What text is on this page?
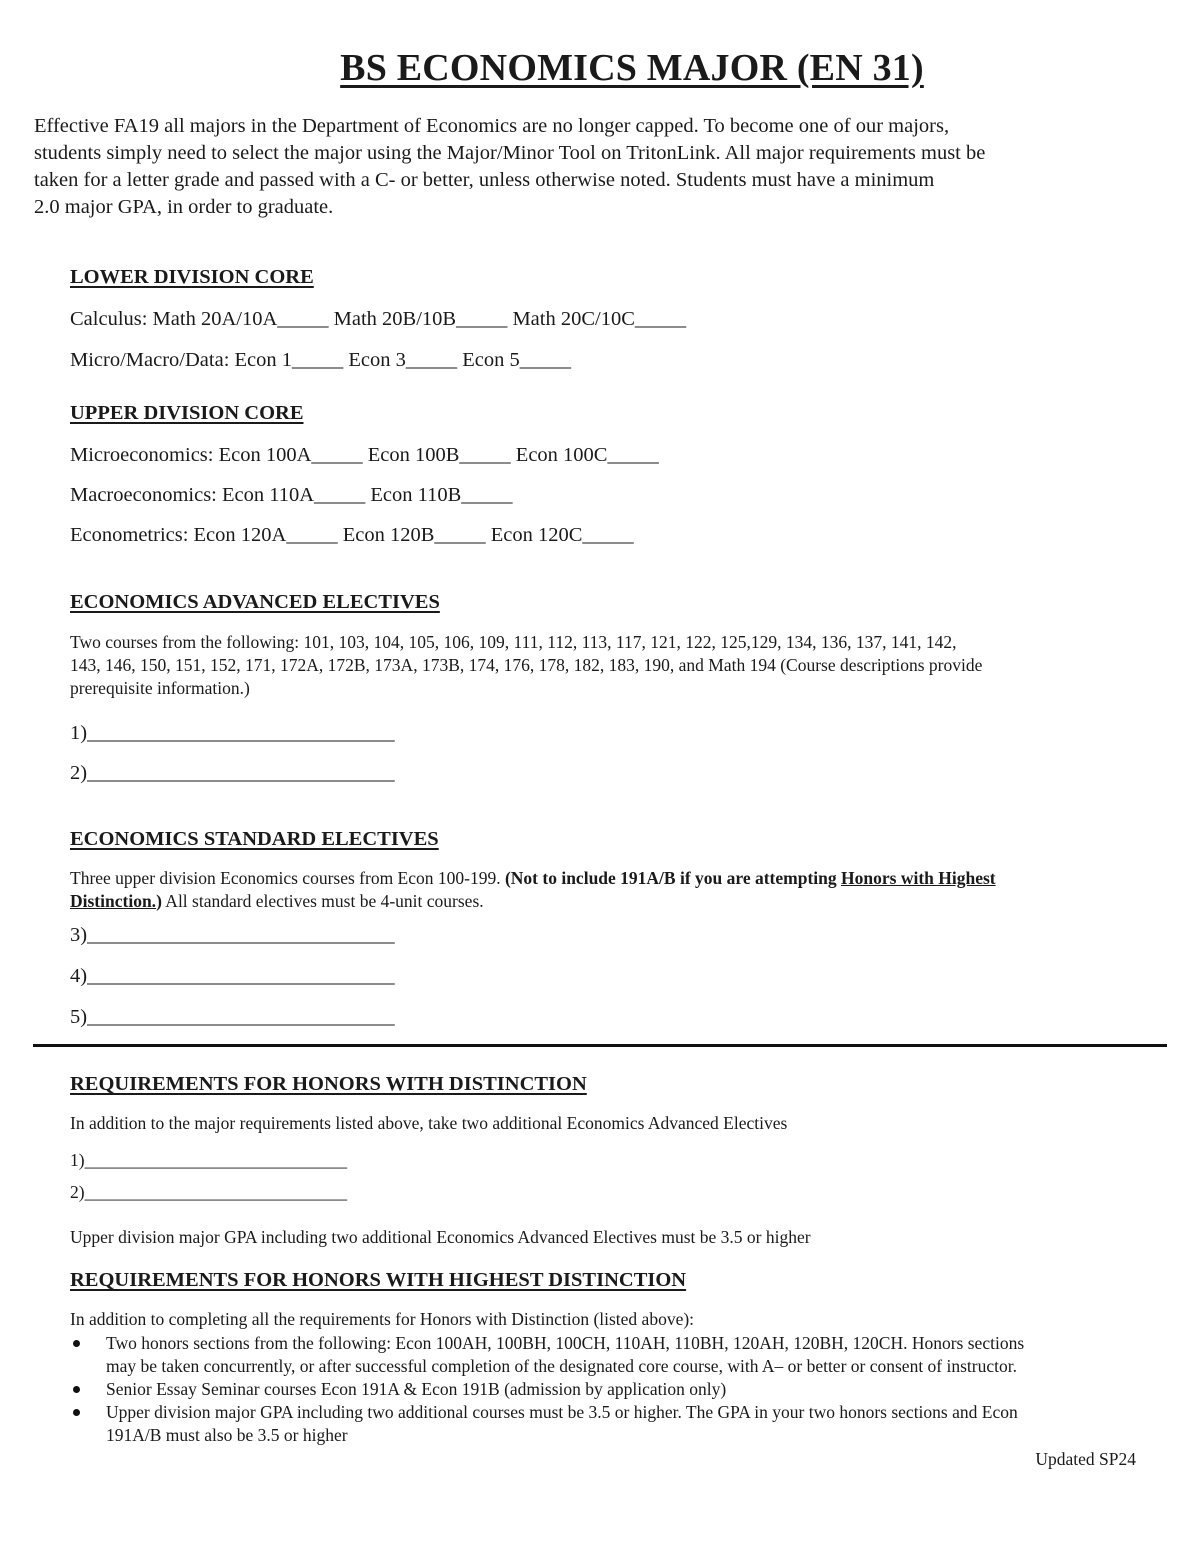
BS ECONOMICS MAJOR (EN 31)
Effective FA19 all majors in the Department of Economics are no longer capped. To become one of our majors,
students simply need to select the major using the Major/Minor Tool on TritonLink. All major requirements must be
taken for a letter grade and passed with a C- or better, unless otherwise noted. Students must have a minimum
2.0 major GPA, in order to graduate.
LOWER DIVISION CORE
Calculus: Math 20A/10A_____ Math 20B/10B_____ Math 20C/10C_____
Micro/Macro/Data: Econ 1_____ Econ 3_____ Econ 5_____
UPPER DIVISION CORE
Microeconomics: Econ 100A_____ Econ 100B_____ Econ 100C_____
Macroeconomics: Econ 110A_____ Econ 110B_____
Econometrics: Econ 120A_____ Econ 120B_____ Econ 120C_____
ECONOMICS ADVANCED ELECTIVES
Two courses from the following: 101, 103, 104, 105, 106, 109, 111, 112, 113, 117, 121, 122, 125,129, 134, 136, 137, 141, 142,
143, 146, 150, 151, 152, 171, 172A, 172B, 173A, 173B, 174, 176, 178, 182, 183, 190, and Math 194 (Course descriptions provide
prerequisite information.)
1)______________________________
2)______________________________
ECONOMICS STANDARD ELECTIVES
Three upper division Economics courses from Econ 100-199. (Not to include 191A/B if you are attempting Honors with Highest
Distinction.) All standard electives must be 4-unit courses.
3)______________________________
4)______________________________
5)______________________________
REQUIREMENTS FOR HONORS WITH DISTINCTION
In addition to the major requirements listed above, take two additional Economics Advanced Electives
1)______________________________
2)______________________________
Upper division major GPA including two additional Economics Advanced Electives must be 3.5 or higher
REQUIREMENTS FOR HONORS WITH HIGHEST DISTINCTION
In addition to completing all the requirements for Honors with Distinction (listed above):
Two honors sections from the following: Econ 100AH, 100BH, 100CH, 110AH, 110BH, 120AH, 120BH, 120CH. Honors sections
may be taken concurrently, or after successful completion of the designated core course, with A– or better or consent of instructor.
Senior Essay Seminar courses Econ 191A & Econ 191B (admission by application only)
Upper division major GPA including two additional courses must be 3.5 or higher. The GPA in your two honors sections and Econ
191A/B must also be 3.5 or higher
Updated SP24
